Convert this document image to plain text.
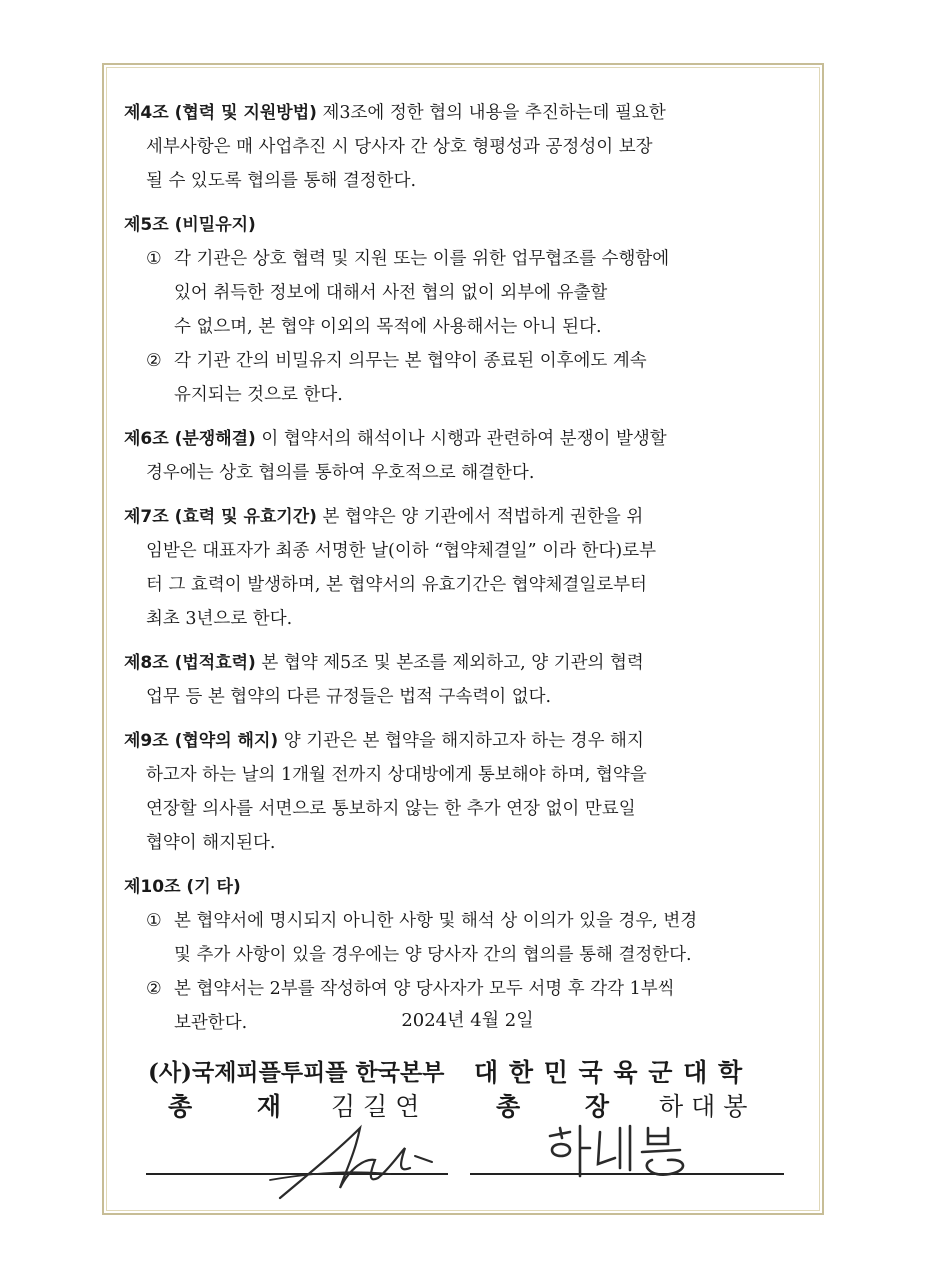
제4조 (협력 및 지원방법) 제3조에 정한 협의 내용을 추진하는데 필요한
세부사항은 매 사업추진 시 당사자 간 상호 형평성과 공정성이 보장
될 수 있도록 협의를 통해 결정한다.
제5조 (비밀유지)
① 각 기관은 상호 협력 및 지원 또는 이를 위한 업무협조를 수행함에
있어 취득한 정보에 대해서 사전 협의 없이 외부에 유출할
수 없으며, 본 협약 이외의 목적에 사용해서는 아니 된다.
② 각 기관 간의 비밀유지 의무는 본 협약이 종료된 이후에도 계속
유지되는 것으로 한다.
제6조 (분쟁해결) 이 협약서의 해석이나 시행과 관련하여 분쟁이 발생할
경우에는 상호 협의를 통하여 우호적으로 해결한다.
제7조 (효력 및 유효기간) 본 협약은 양 기관에서 적법하게 권한을 위
임받은 대표자가 최종 서명한 날(이하 “협약체결일” 이라 한다)로부
터 그 효력이 발생하며, 본 협약서의 유효기간은 협약체결일로부터
최초 3년으로 한다.
제8조 (법적효력) 본 협약 제5조 및 본조를 제외하고, 양 기관의 협력
업무 등 본 협약의 다른 규정들은 법적 구속력이 없다.
제9조 (협약의 해지) 양 기관은 본 협약을 해지하고자 하는 경우 해지
하고자 하는 날의 1개월 전까지 상대방에게 통보해야 하며, 협약을
연장할 의사를 서면으로 통보하지 않는 한 추가 연장 없이 만료일
협약이 해지된다.
제10조 (기 타)
① 본 협약서에 명시되지 아니한 사항 및 해석 상 이의가 있을 경우, 변경
및 추가 사항이 있을 경우에는 양 당사자 간의 협의를 통해 결정한다.
② 본 협약서는 2부를 작성하여 양 당사자가 모두 서명 후 각각 1부씩
보관한다.	2024년 4월 2일
(사)국제피플투피플 한국본부
총 재 김길연
대 한 민 국 육 군 대 학
총 장 하대봉
